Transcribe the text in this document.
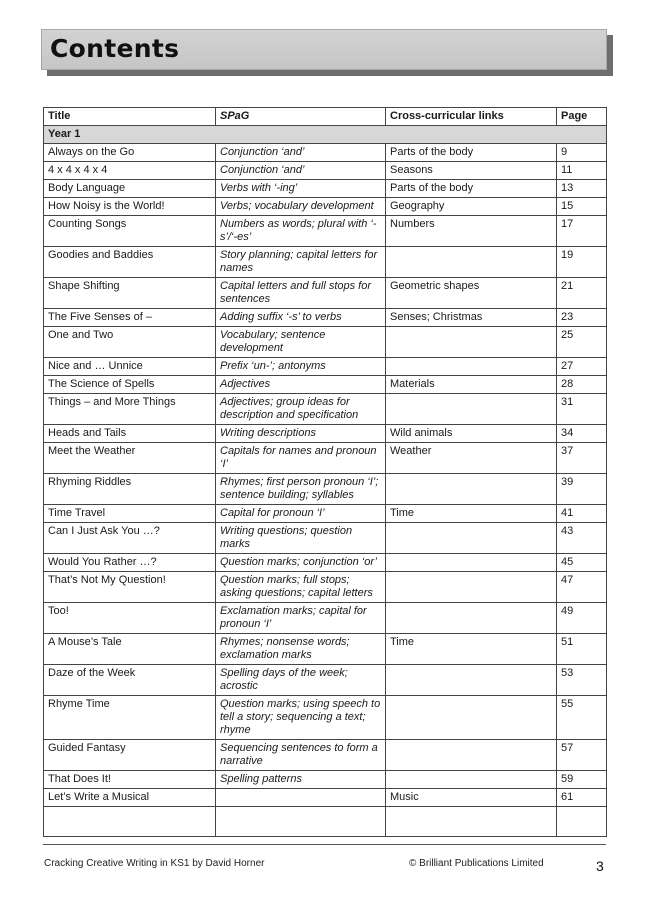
Contents
Title	SPaG	Cross-curricular links	Page
Year 1			
Always on the Go	Conjunction ‘and’	Parts of the body	9
4 x 4 x 4 x 4	Conjunction ‘and’	Seasons	11
Body Language	Verbs with ‘-ing’	Parts of the body	13
How Noisy is the World!	Verbs; vocabulary development	Geography	15
Counting Songs	Numbers as words; plural with ‘-s’/‘-es’	Numbers	17
Goodies and Baddies	Story planning; capital letters for names		19
Shape Shifting	Capital letters and full stops for sentences	Geometric shapes	21
The Five Senses of –	Adding suffix ‘-s’ to verbs	Senses; Christmas	23
One and Two	Vocabulary; sentence development		25
Nice and … Unnice	Prefix ‘un-’; antonyms		27
The Science of Spells	Adjectives	Materials	28
Things – and More Things	Adjectives; group ideas for description and specification		31
Heads and Tails	Writing descriptions	Wild animals	34
Meet the Weather	Capitals for names and pronoun ‘I’	Weather	37
Rhyming Riddles	Rhymes; first person pronoun ‘I’; sentence building; syllables		39
Time Travel	Capital for pronoun ‘I’	Time	41
Can I Just Ask You …?	Writing questions; question marks		43
Would You Rather …?	Question marks; conjunction ‘or’		45
That’s Not My Question!	Question marks; full stops; asking questions; capital letters		47
Too!	Exclamation marks; capital for pronoun ‘I’		49
A Mouse’s Tale	Rhymes; nonsense words; exclamation marks	Time	51
Daze of the Week	Spelling days of the week; acrostic		53
Rhyme Time	Question marks; using speech to tell a story; sequencing a text; rhyme		55
Guided Fantasy	Sequencing sentences to form a narrative		57
That Does It!	Spelling patterns		59
Let’s Write a Musical		Music	61

Cracking Creative Writing in KS1 by David Horner	© Brilliant Publications Limited	3
